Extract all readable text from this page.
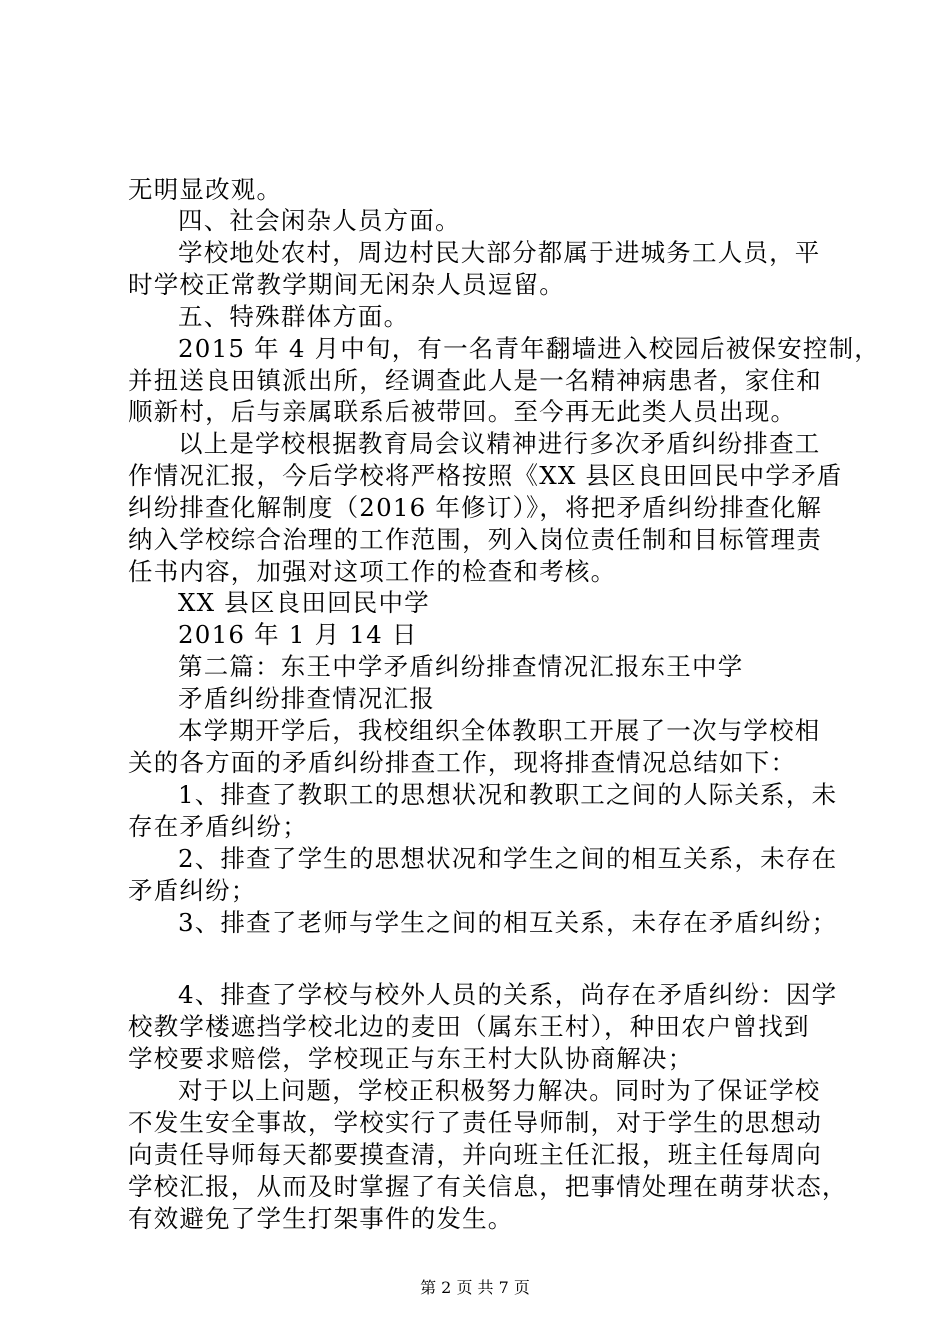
无明显改观。
四、社会闲杂人员方面。
学校地处农村，周边村民大部分都属于进城务工人员，平
时学校正常教学期间无闲杂人员逗留。
五、特殊群体方面。
2015 年 4 月中旬，有一名青年翻墙进入校园后被保安控制，
并扭送良田镇派出所，经调查此人是一名精神病患者，家住和
顺新村，后与亲属联系后被带回。至今再无此类人员出现。
以上是学校根据教育局会议精神进行多次矛盾纠纷排查工
作情况汇报，今后学校将严格按照《XX 县区良田回民中学矛盾
纠纷排查化解制度（2016 年修订）》，将把矛盾纠纷排查化解
纳入学校综合治理的工作范围，列入岗位责任制和目标管理责
任书内容，加强对这项工作的检查和考核。
XX 县区良田回民中学
2016 年 1 月 14 日
第二篇：东王中学矛盾纠纷排查情况汇报东王中学
矛盾纠纷排查情况汇报
本学期开学后，我校组织全体教职工开展了一次与学校相
关的各方面的矛盾纠纷排查工作，现将排查情况总结如下：
1、排查了教职工的思想状况和教职工之间的人际关系，未
存在矛盾纠纷；
2、排查了学生的思想状况和学生之间的相互关系，未存在
矛盾纠纷；
3、排查了老师与学生之间的相互关系，未存在矛盾纠纷；
4、排查了学校与校外人员的关系，尚存在矛盾纠纷：因学
校教学楼遮挡学校北边的麦田（属东王村），种田农户曾找到
学校要求赔偿，学校现正与东王村大队协商解决；
对于以上问题，学校正积极努力解决。同时为了保证学校
不发生安全事故，学校实行了责任导师制，对于学生的思想动
向责任导师每天都要摸查清，并向班主任汇报，班主任每周向
学校汇报，从而及时掌握了有关信息，把事情处理在萌芽状态，
有效避免了学生打架事件的发生。
第 2 页 共 7 页
